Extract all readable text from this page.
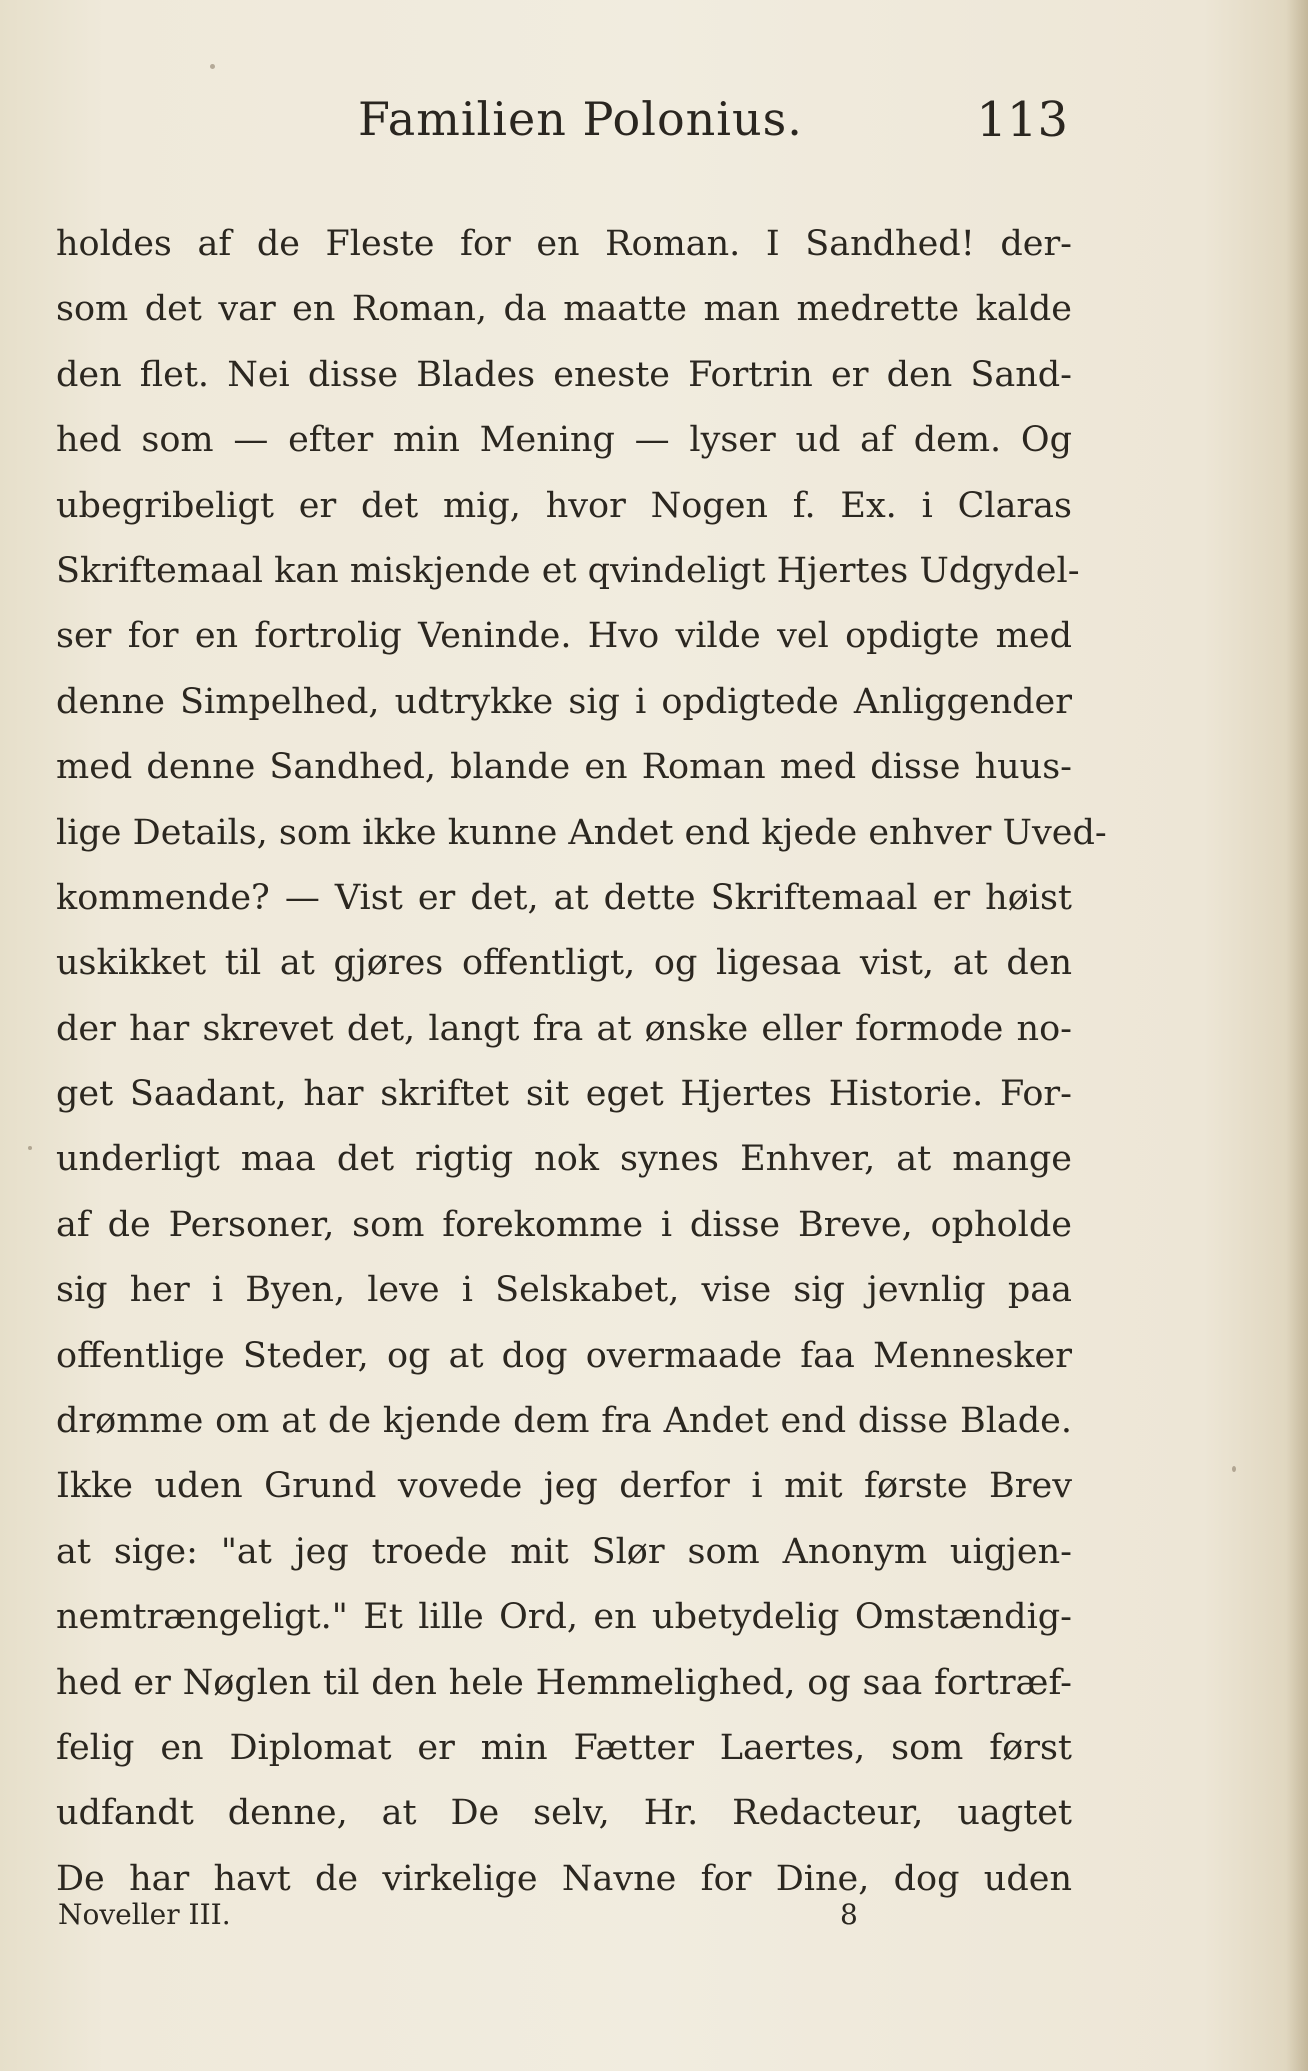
Familien Polonius.	113
holdes af de Fleste for en Roman. I Sandhed! der-
som det var en Roman, da maatte man medrette kalde
den flet. Nei disse Blades eneste Fortrin er den Sand-
hed som — efter min Mening — lyser ud af dem. Og
ubegribeligt er det mig, hvor Nogen f. Ex. i Claras
Skriftemaal kan miskjende et qvindeligt Hjertes Udgydel-
ser for en fortrolig Veninde. Hvo vilde vel opdigte med
denne Simpelhed, udtrykke sig i opdigtede Anliggender
med denne Sandhed, blande en Roman med disse huus-
lige Details, som ikke kunne Andet end kjede enhver Uved-
kommende? — Vist er det, at dette Skriftemaal er høist
uskikket til at gjøres offentligt, og ligesaa vist, at den
der har skrevet det, langt fra at ønske eller formode no-
get Saadant, har skriftet sit eget Hjertes Historie. For-
underligt maa det rigtig nok synes Enhver, at mange
af de Personer, som forekomme i disse Breve, opholde
sig her i Byen, leve i Selskabet, vise sig jevnlig paa
offentlige Steder, og at dog overmaade faa Mennesker
drømme om at de kjende dem fra Andet end disse Blade.
Ikke uden Grund vovede jeg derfor i mit første Brev
at sige: "at jeg troede mit Slør som Anonym uigjen-
nemtrængeligt." Et lille Ord, en ubetydelig Omstændig-
hed er Nøglen til den hele Hemmelighed, og saa fortræf-
felig en Diplomat er min Fætter Laertes, som først
udfandt denne, at De selv, Hr. Redacteur, uagtet
De har havt de virkelige Navne for Dine, dog uden
Noveller III.	8
